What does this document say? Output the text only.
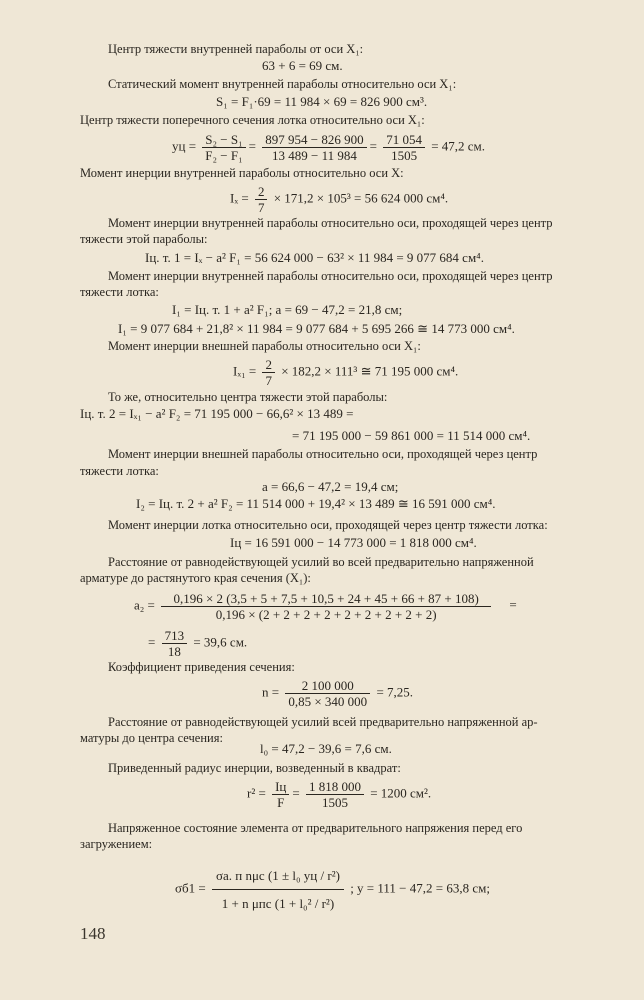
Центр тяжести внутренней параболы от оси X₁:
63 + 6 = 69 см.
Статический момент внутренней параболы относительно оси X₁:
S₁ = F₁·69 = 11 984 × 69 = 826 900 см³.
Центр тяжести поперечного сечения лотка относительно оси X₁:
yц = $\frac{\text{S₂ − S₁}}{\text{F₂ − F₁}} = \frac{897 954 - 826 900}{13 489 - 11 984} = \frac{71 054}{1505} = 47,2$ см.
Момент инерции внутренней параболы относительно оси X:
$I_x = \frac{2}{7} \times 171,2 \times 105^3 = 56$ 624 000 см⁴.
Момент инерции внутренней параболы относительно оси, проходящей через центр
тяжести этой параболы:
Iц. т. 1 = Iₓ − a² F₁ = 56 624 000 − 63² × 11 984 = 9 077 684 см⁴.
Момент инерции внутренней параболы относительно оси, проходящей через центр
тяжести лотка:
I₁ = Iц. т. 1 + a² F₁; a = 69 − 47,2 = 21,8 см;
I₁ = 9 077 684 + 21,8² × 11 984 = 9 077 684 + 5 695 266 ≅ 14 773 000 см⁴.
Момент инерции внешней параболы относительно оси X₁:
$I_{x1} = \frac{2}{7} \times 182,2 \times 111^3$ ≅ 71 195 000 см⁴.
То же, относительно центра тяжести этой параболы:
Iц. т. 2 = Iₓ₁ − a² F₂ = 71 195 000 − 66,6² × 13 489 =
= 71 195 000 − 59 861 000 = 11 514 000 см⁴.
Момент инерции внешней параболы относительно оси, проходящей через центр
тяжести лотка:
a = 66,6 − 47,2 = 19,4 см;
I₂ = Iц. т. 2 + a² F₂ = 11 514 000 + 19,4² × 13 489 ≅ 16 591 000 см⁴.
Момент инерции лотка относительно оси, проходящей через центр тяжести лотка:
Iц = 16 591 000 − 14 773 000 = 1 818 000 см⁴.
Расстояние от равнодействующей усилий во всей предварительно напряженной
арматуре до растянутого края сечения (X₁):
$a_2 = \frac{0,196 \times 2 (3,5 + 5 + 7,5 + 10,5 + 24 + 45 + 66 + 87 + 108)}{0,196 \times (2 + 2 + 2 + 2 + 2 + 2 + 2 + 2 + 2)}$ =
= $\frac{713}{18} = 39,6$ см.
Коэффициент приведения сечения:
$n = \frac{2 100 000}{0,85 \times 340 000} = 7,25$.
Расстояние от равнодействующей усилий всей предварительно напряженной ар-
матуры до центра сечения:
l₀ = 47,2 − 39,6 = 7,6 см.
Приведенный радиус инерции, возведенный в квадрат:
$r^2 = \frac{Iц}{F} = \frac{1 818 000}{1505} = 1200$ см².
Напряженное состояние элемента от предварительного напряжения перед его
загружением:
$\sigma б1 = \frac{\text{σа. п nμс (1 ± l₀ yц / r²)}}{\text{1 + n μпс (1 + l₀² / r²)}}$ ; y = 111 − 47,2 = 63,8 см;
148
